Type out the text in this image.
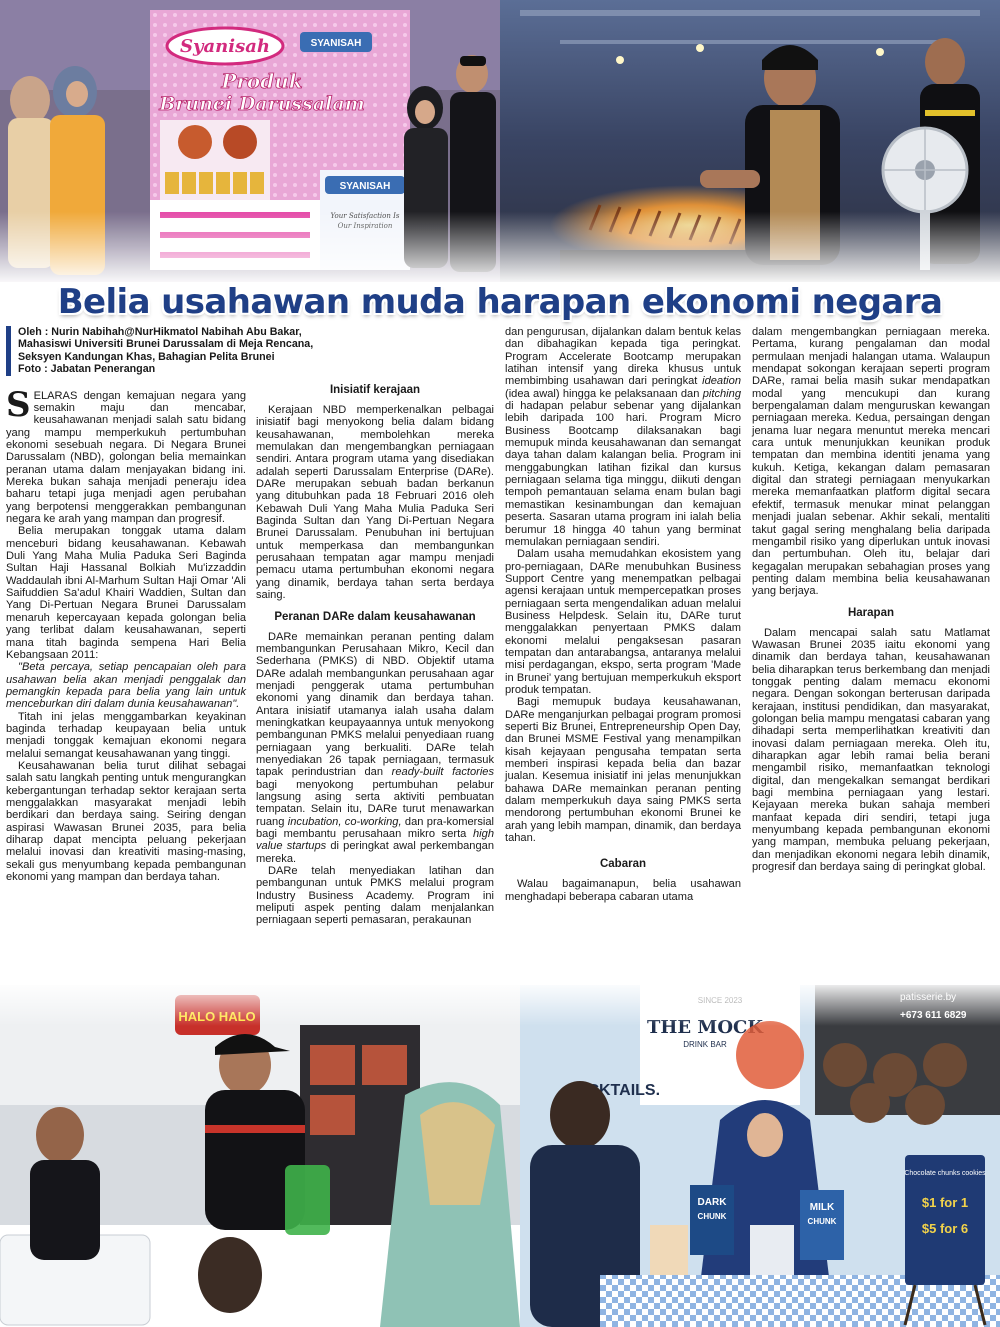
Belia usahawan muda harapan ekonomi negara
Oleh : Nurin Nabihah@NurHikmatol Nabihah Abu Bakar,
Mahasiswi Universiti Brunei Darussalam di Meja Rencana,
Seksyen Kandungan Khas, Bahagian Pelita Brunei
Foto : Jabatan Penerangan

SELARAS dengan kemajuan negara yang semakin maju dan mencabar, keusahawanan menjadi salah satu bidang yang mampu memperkukuh pertumbuhan ekonomi sesebuah negara. Di Negara Brunei Darussalam (NBD), golongan belia memainkan peranan utama dalam menjayakan bidang ini. Mereka bukan sahaja menjadi peneraju idea baharu tetapi juga menjadi agen perubahan yang berpotensi menggerakkan pembangunan negara ke arah yang mampan dan progresif.

Belia merupakan tonggak utama dalam menceburi bidang keusahawanan. Kebawah Duli Yang Maha Mulia Paduka Seri Baginda Sultan Haji Hassanal Bolkiah Mu'izzaddin Waddaulah ibni Al-Marhum Sultan Haji Omar 'Ali Saifuddien Sa'adul Khairi Waddien, Sultan dan Yang Di-Pertuan Negara Brunei Darussalam menaruh kepercayaan kepada golongan belia yang terlibat dalam keusahawanan, seperti mana titah baginda sempena Hari Belia Kebangsaan 2011:

"Beta percaya, setiap pencapaian oleh para usahawan belia akan menjadi penggalak dan pemangkin kepada para belia yang lain untuk menceburkan diri dalam dunia keusahawanan".

Titah ini jelas menggambarkan keyakinan baginda terhadap keupayaan belia untuk menjadi tonggak kemajuan ekonomi negara melalui semangat keusahawanan yang tinggi.

Keusahawanan belia turut dilihat sebagai salah satu langkah penting untuk mengurangkan kebergantungan terhadap sektor kerajaan serta menggalakkan masyarakat menjadi lebih berdikari dan berdaya saing. Seiring dengan aspirasi Wawasan Brunei 2035, para belia diharap dapat mencipta peluang pekerjaan melalui inovasi dan kreativiti masing-masing, sekali gus menyumbang kepada pembangunan ekonomi yang mampan dan berdaya tahan.

Inisiatif kerajaan

Kerajaan NBD memperkenalkan pelbagai inisiatif bagi menyokong belia dalam bidang keusahawanan, membolehkan mereka memulakan dan mengembangkan perniagaan sendiri. Antara program utama yang disediakan adalah seperti Darussalam Enterprise (DARe). DARe merupakan sebuah badan berkanun yang ditubuhkan pada 18 Februari 2016 oleh Kebawah Duli Yang Maha Mulia Paduka Seri Baginda Sultan dan Yang Di-Pertuan Negara Brunei Darussalam. Penubuhan ini bertujuan untuk memperkasa dan membangunkan perusahaan tempatan agar mampu menjadi pemacu utama pertumbuhan ekonomi negara yang dinamik, berdaya tahan serta berdaya saing.

Peranan DARe dalam keusahawanan

DARe memainkan peranan penting dalam membangunkan Perusahaan Mikro, Kecil dan Sederhana (PMKS) di NBD. Objektif utama DARe adalah membangunkan perusahaan agar menjadi penggerak utama pertumbuhan ekonomi yang dinamik dan berdaya tahan. Antara inisiatif utamanya ialah usaha dalam meningkatkan keupayaannya untuk menyokong pembangunan PMKS melalui penyediaan ruang perniagaan yang berkualiti. DARe telah menyediakan 26 tapak perniagaan, termasuk tapak perindustrian dan ready-built factories bagi menyokong pertumbuhan pelabur langsung asing serta aktiviti pembuatan tempatan. Selain itu, DARe turut menawarkan ruang incubation, co-working, dan pra-komersial bagi membantu perusahaan mikro serta high value startups di peringkat awal perkembangan mereka.

DARe telah menyediakan latihan dan pembangunan untuk PMKS melalui program Industry Business Academy. Program ini meliputi aspek penting dalam menjalankan perniagaan seperti pemasaran, perakaunan

dan pengurusan, dijalankan dalam bentuk kelas dan dibahagikan kepada tiga peringkat. Program Accelerate Bootcamp merupakan latihan intensif yang direka khusus untuk membimbing usahawan dari peringkat ideation (idea awal) hingga ke pelaksanaan dan pitching di hadapan pelabur sebenar yang dijalankan lebih daripada 100 hari. Program Micro Business Bootcamp dilaksanakan bagi memupuk minda keusahawanan dan semangat daya tahan dalam kalangan belia. Program ini menggabungkan latihan fizikal dan kursus perniagaan selama tiga minggu, diikuti dengan tempoh pemantauan selama enam bulan bagi memastikan kesinambungan dan kemajuan peserta. Sasaran utama program ini ialah belia berumur 18 hingga 40 tahun yang berminat memulakan perniagaan sendiri.

Dalam usaha memudahkan ekosistem yang pro-perniagaan, DARe menubuhkan Business Support Centre yang menempatkan pelbagai agensi kerajaan untuk mempercepatkan proses perniagaan serta mengendalikan aduan melalui Business Helpdesk. Selain itu, DARe turut menggalakkan penyertaan PMKS dalam ekonomi melalui pengaksesan pasaran tempatan dan antarabangsa, antaranya melalui misi perdagangan, ekspo, serta program 'Made in Brunei' yang bertujuan memperkukuh eksport produk tempatan.

Bagi memupuk budaya keusahawanan, DARe menganjurkan pelbagai program promosi seperti Biz Brunei, Entrepreneurship Open Day, dan Brunei MSME Festival yang menampilkan kisah kejayaan pengusaha tempatan serta memberi inspirasi kepada belia dan bazar jualan. Kesemua inisiatif ini jelas menunjukkan bahawa DARe memainkan peranan penting dalam memperkukuh daya saing PMKS serta mendorong pertumbuhan ekonomi Brunei ke arah yang lebih mampan, dinamik, dan berdaya tahan.

Cabaran

Walau bagaimanapun, belia usahawan menghadapi beberapa cabaran utama

dalam mengembangkan perniagaan mereka. Pertama, kurang pengalaman dan modal permulaan menjadi halangan utama. Walaupun mendapat sokongan kerajaan seperti program DARe, ramai belia masih sukar mendapatkan modal yang mencukupi dan kurang berpengalaman dalam menguruskan kewangan perniagaan mereka. Kedua, persaingan dengan jenama luar negara menuntut mereka mencari cara untuk menunjukkan keunikan produk tempatan dan membina identiti jenama yang kukuh. Ketiga, kekangan dalam pemasaran digital dan strategi perniagaan menyukarkan mereka memanfaatkan platform digital secara efektif, termasuk menukar minat pelanggan menjadi jualan sebenar. Akhir sekali, mentaliti takut gagal sering menghalang belia daripada mengambil risiko yang diperlukan untuk inovasi dan pertumbuhan. Oleh itu, belajar dari kegagalan merupakan sebahagian proses yang penting dalam membina belia keusahawanan yang berjaya.

Harapan

Dalam mencapai salah satu Matlamat Wawasan Brunei 2035 iaitu ekonomi yang dinamik dan berdaya tahan, keusahawanan belia diharapkan terus berkembang dan menjadi tonggak penting dalam memacu ekonomi negara. Dengan sokongan berterusan daripada kerajaan, institusi pendidikan, dan masyarakat, golongan belia mampu mengatasi cabaran yang dihadapi serta memperlihatkan kreativiti dan inovasi dalam perniagaan mereka. Oleh itu, diharapkan agar lebih ramai belia berani mengambil risiko, memanfaatkan teknologi digital, dan mengekalkan semangat berdikari bagi membina perniagaan yang lestari. Kejayaan mereka bukan sahaja memberi manfaat kepada diri sendiri, tetapi juga menyumbang kepada pembangunan ekonomi yang mampan, membuka peluang pekerjaan, dan menjadikan ekonomi negara lebih dinamik, progresif dan berdaya saing di peringkat global.
